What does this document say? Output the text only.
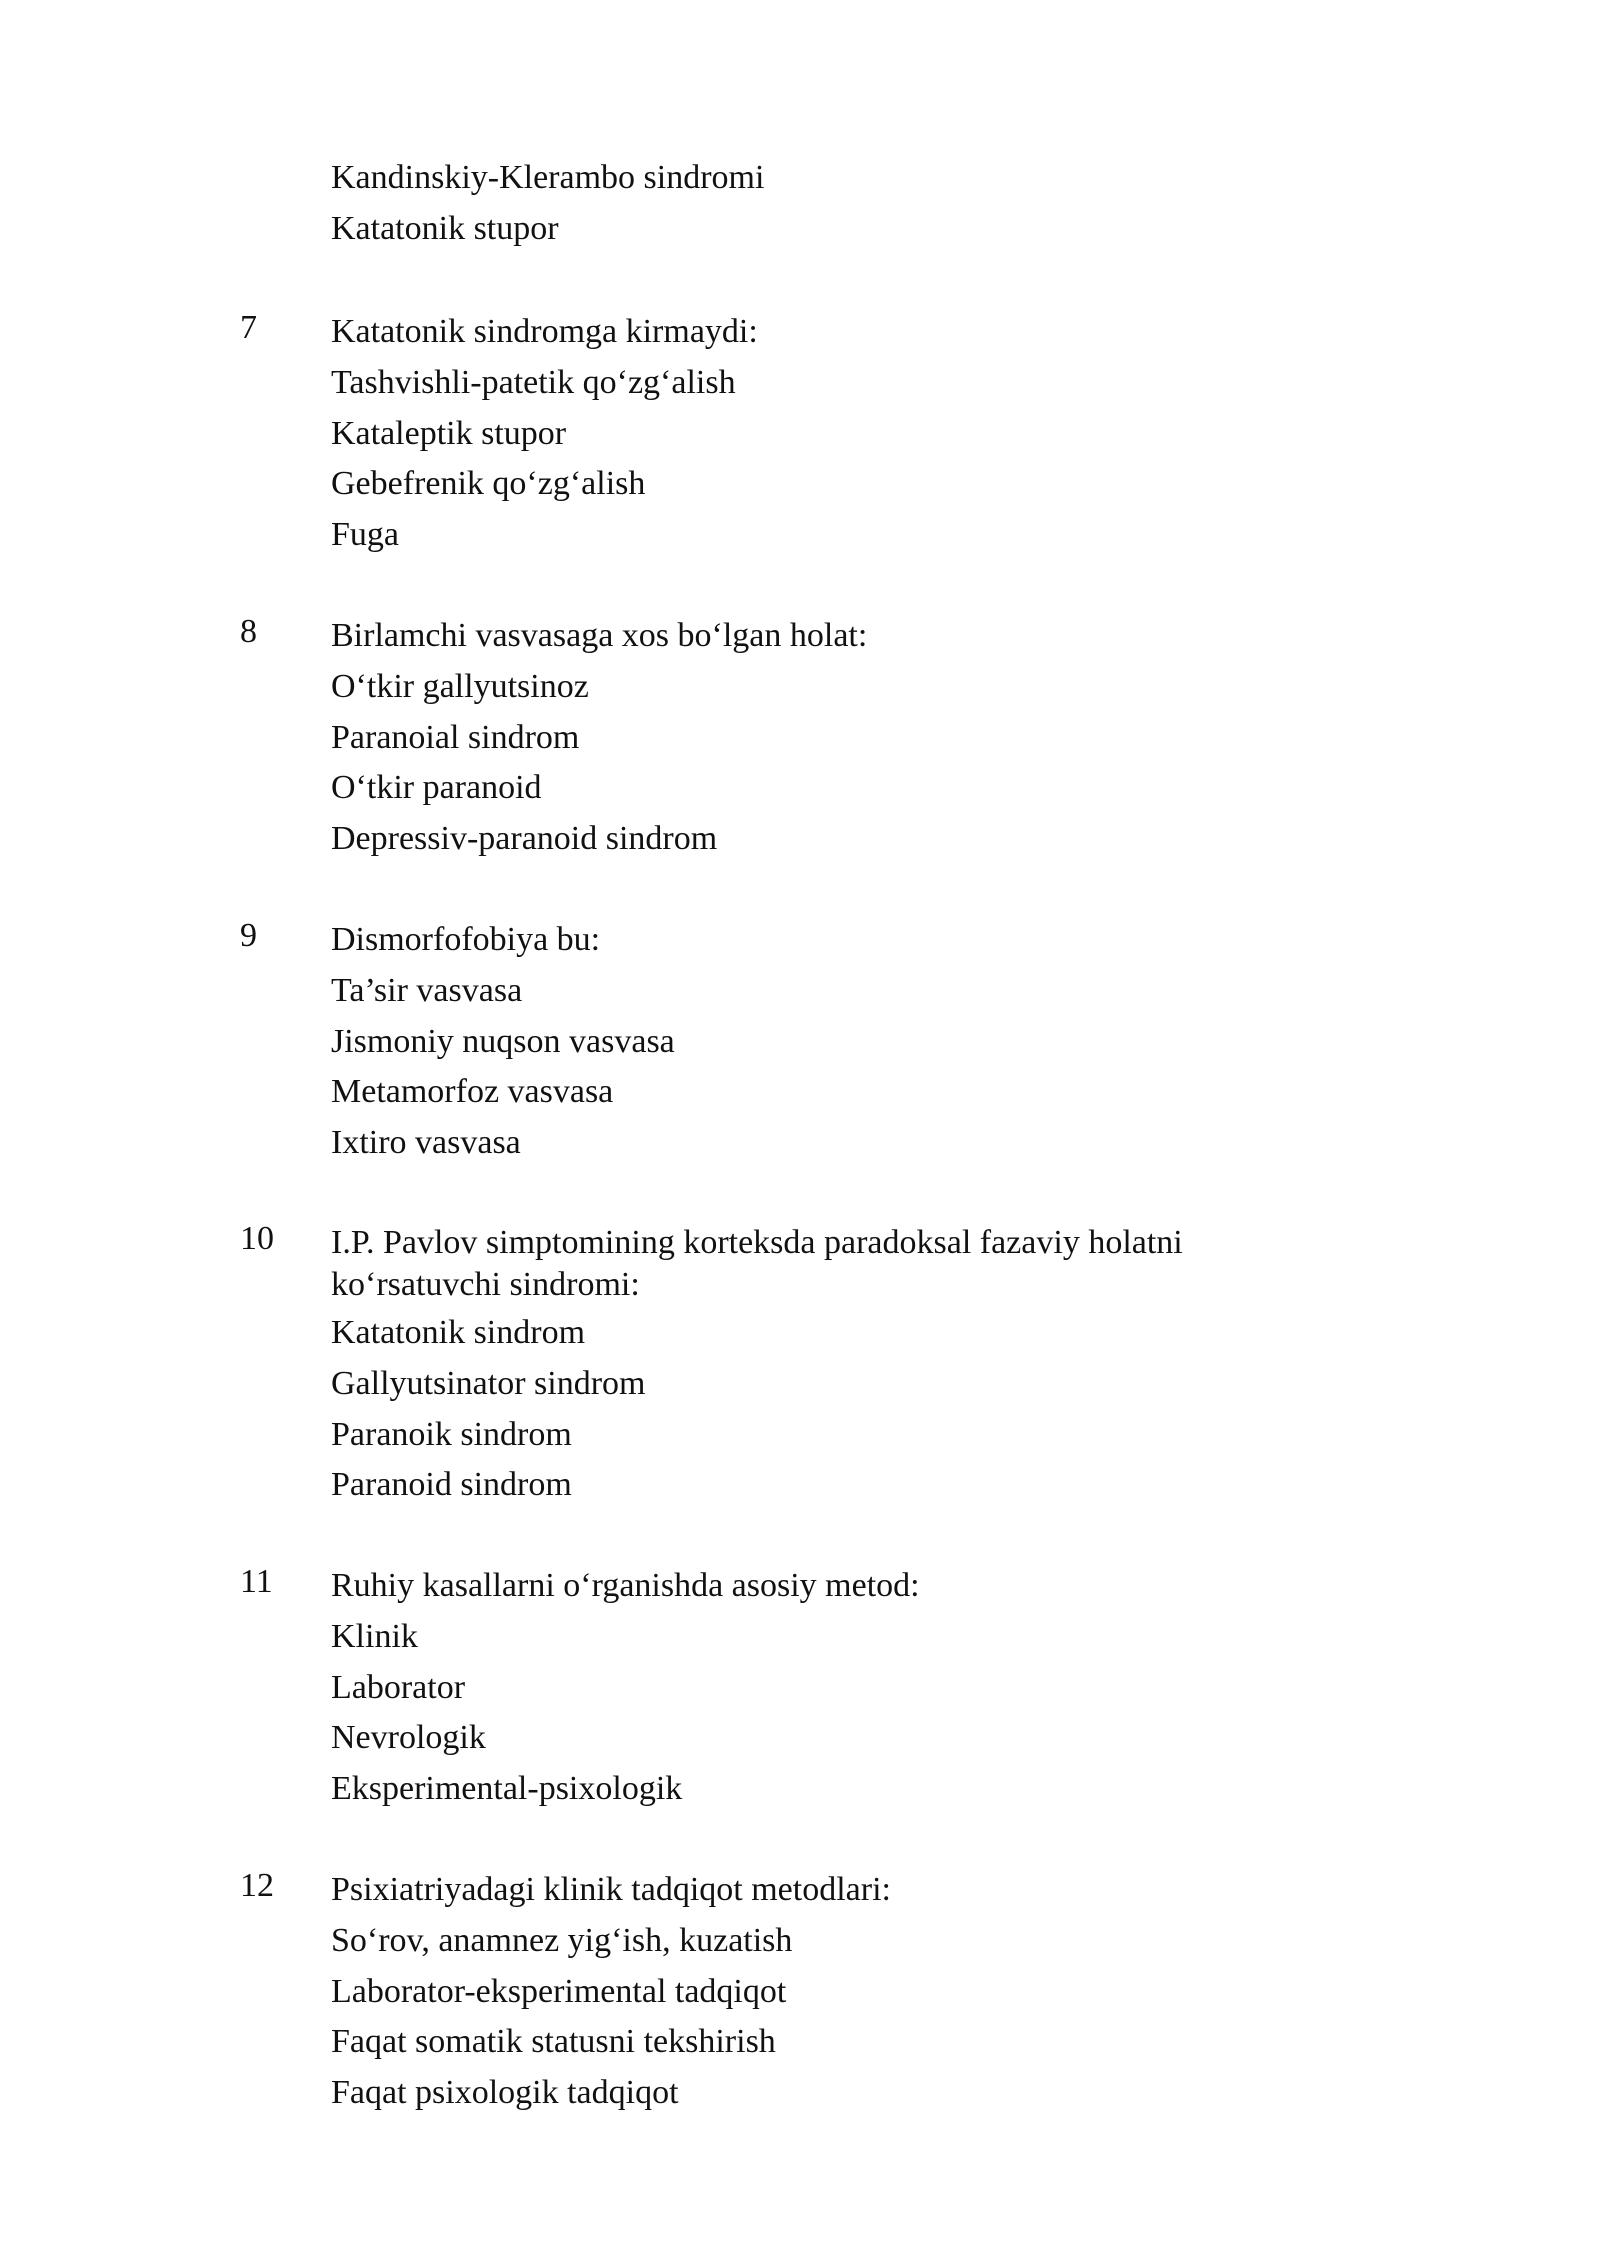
Kandinskiy-Klerambo sindromi

Katatonik stupor

7	Katatonik sindromga kirmaydi:

Tashvishli-patetik qo‘zg‘alish

Kataleptik stupor

Gebefrenik qo‘zg‘alish

Fuga

8	Birlamchi vasvasaga xos bo‘lgan holat:

O‘tkir gallyutsinoz

Paranoial sindrom

O‘tkir paranoid

Depressiv-paranoid sindrom

9	Dismorfofobiya bu:

Ta’sir vasvasa

Jismoniy nuqson vasvasa

Metamorfoz vasvasa

Ixtiro vasvasa

10	I.P. Pavlov simptomining korteksda paradoksal fazaviy holatni

ko‘rsatuvchi sindromi:

Katatonik sindrom

Gallyutsinator sindrom

Paranoik sindrom

Paranoid sindrom

11	Ruhiy kasallarni o‘rganishda asosiy metod:

Klinik

Laborator

Nevrologik

Eksperimental-psixologik

12	Psixiatriyadagi klinik tadqiqot metodlari:

So‘rov, anamnez yig‘ish, kuzatish

Laborator-eksperimental tadqiqot

Faqat somatik statusni tekshirish

Faqat psixologik tadqiqot
